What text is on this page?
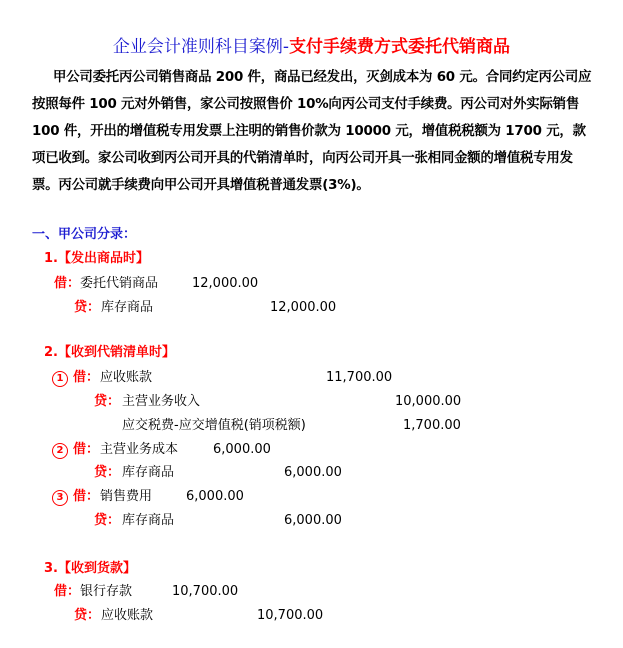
企业会计准则科目案例-支付手续费方式委托代销商品
甲公司委托丙公司销售商品 200 件，商品已经发出，灭剑成本为 60 元。合同约定丙公司应按照每件 100 元对外销售，家公司按照售价 10%向丙公司支付手续费。丙公司对外实际销售 100 件，开出的增值税专用发票上注明的销售价款为 10000 元，增值税税额为 1700 元，款项已收到。家公司收到丙公司开具的代销清单时，向丙公司开具一张相同金额的增值税专用发票。丙公司就手续费向甲公司开具增值税普通发票(3%)。
一、甲公司分录：
1.【发出商品时】
借： 委托代销商品	12,000.00
贷： 库存商品	12,000.00
2.【收到代销清单时】
1 借： 应收账款	11,700.00
贷： 主营业务收入	10,000.00
应交税费-应交增值税(销项税额)	1,700.00
2 借： 主营业务成本	6,000.00
贷： 库存商品	6,000.00
3 借： 销售费用	6,000.00
贷： 库存商品	6,000.00
3.【收到货款】
借： 银行存款	10,700.00
贷： 应收账款	10,700.00
